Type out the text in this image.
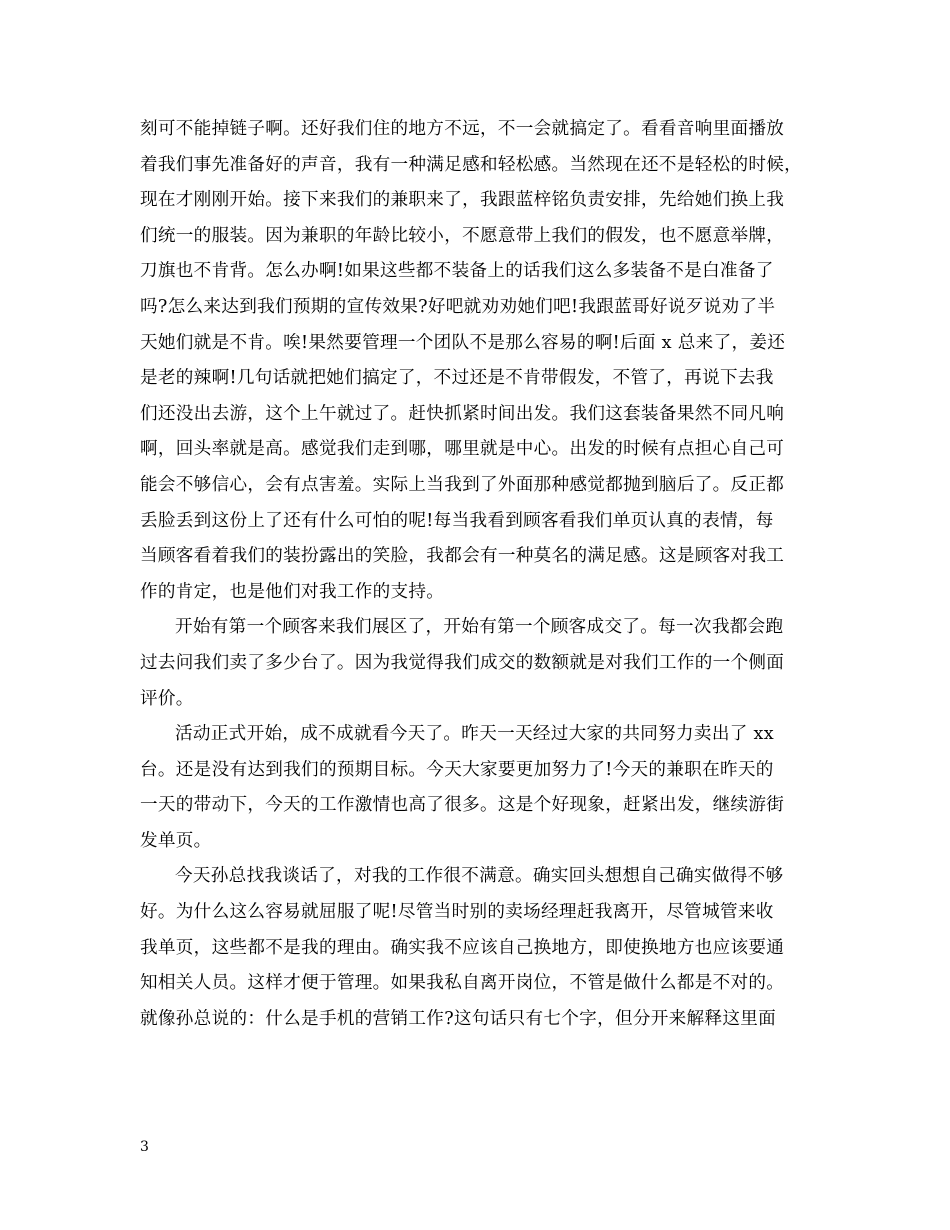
刻可不能掉链子啊。还好我们住的地方不远，不一会就搞定了。看看音响里面播放
着我们事先准备好的声音，我有一种满足感和轻松感。当然现在还不是轻松的时候，
现在才刚刚开始。接下来我们的兼职来了，我跟蓝梓铭负责安排，先给她们换上我
们统一的服装。因为兼职的年龄比较小，不愿意带上我们的假发，也不愿意举牌，
刀旗也不肯背。怎么办啊!如果这些都不装备上的话我们这么多装备不是白准备了
吗?怎么来达到我们预期的宣传效果?好吧就劝劝她们吧!我跟蓝哥好说歹说劝了半
天她们就是不肯。唉!果然要管理一个团队不是那么容易的啊!后面 x 总来了，姜还
是老的辣啊!几句话就把她们搞定了，不过还是不肯带假发，不管了，再说下去我
们还没出去游，这个上午就过了。赶快抓紧时间出发。我们这套装备果然不同凡响
啊，回头率就是高。感觉我们走到哪，哪里就是中心。出发的时候有点担心自己可
能会不够信心，会有点害羞。实际上当我到了外面那种感觉都抛到脑后了。反正都
丢脸丢到这份上了还有什么可怕的呢!每当我看到顾客看我们单页认真的表情，每
当顾客看着我们的装扮露出的笑脸，我都会有一种莫名的满足感。这是顾客对我工
作的肯定，也是他们对我工作的支持。

开始有第一个顾客来我们展区了，开始有第一个顾客成交了。每一次我都会跑
过去问我们卖了多少台了。因为我觉得我们成交的数额就是对我们工作的一个侧面
评价。

活动正式开始，成不成就看今天了。昨天一天经过大家的共同努力卖出了 xx
台。还是没有达到我们的预期目标。今天大家要更加努力了!今天的兼职在昨天的
一天的带动下，今天的工作激情也高了很多。这是个好现象，赶紧出发，继续游街
发单页。

今天孙总找我谈话了，对我的工作很不满意。确实回头想想自己确实做得不够
好。为什么这么容易就屈服了呢!尽管当时别的卖场经理赶我离开，尽管城管来收
我单页，这些都不是我的理由。确实我不应该自己换地方，即使换地方也应该要通
知相关人员。这样才便于管理。如果我私自离开岗位，不管是做什么都是不对的。
就像孙总说的：什么是手机的营销工作?这句话只有七个字，但分开来解释这里面

3
